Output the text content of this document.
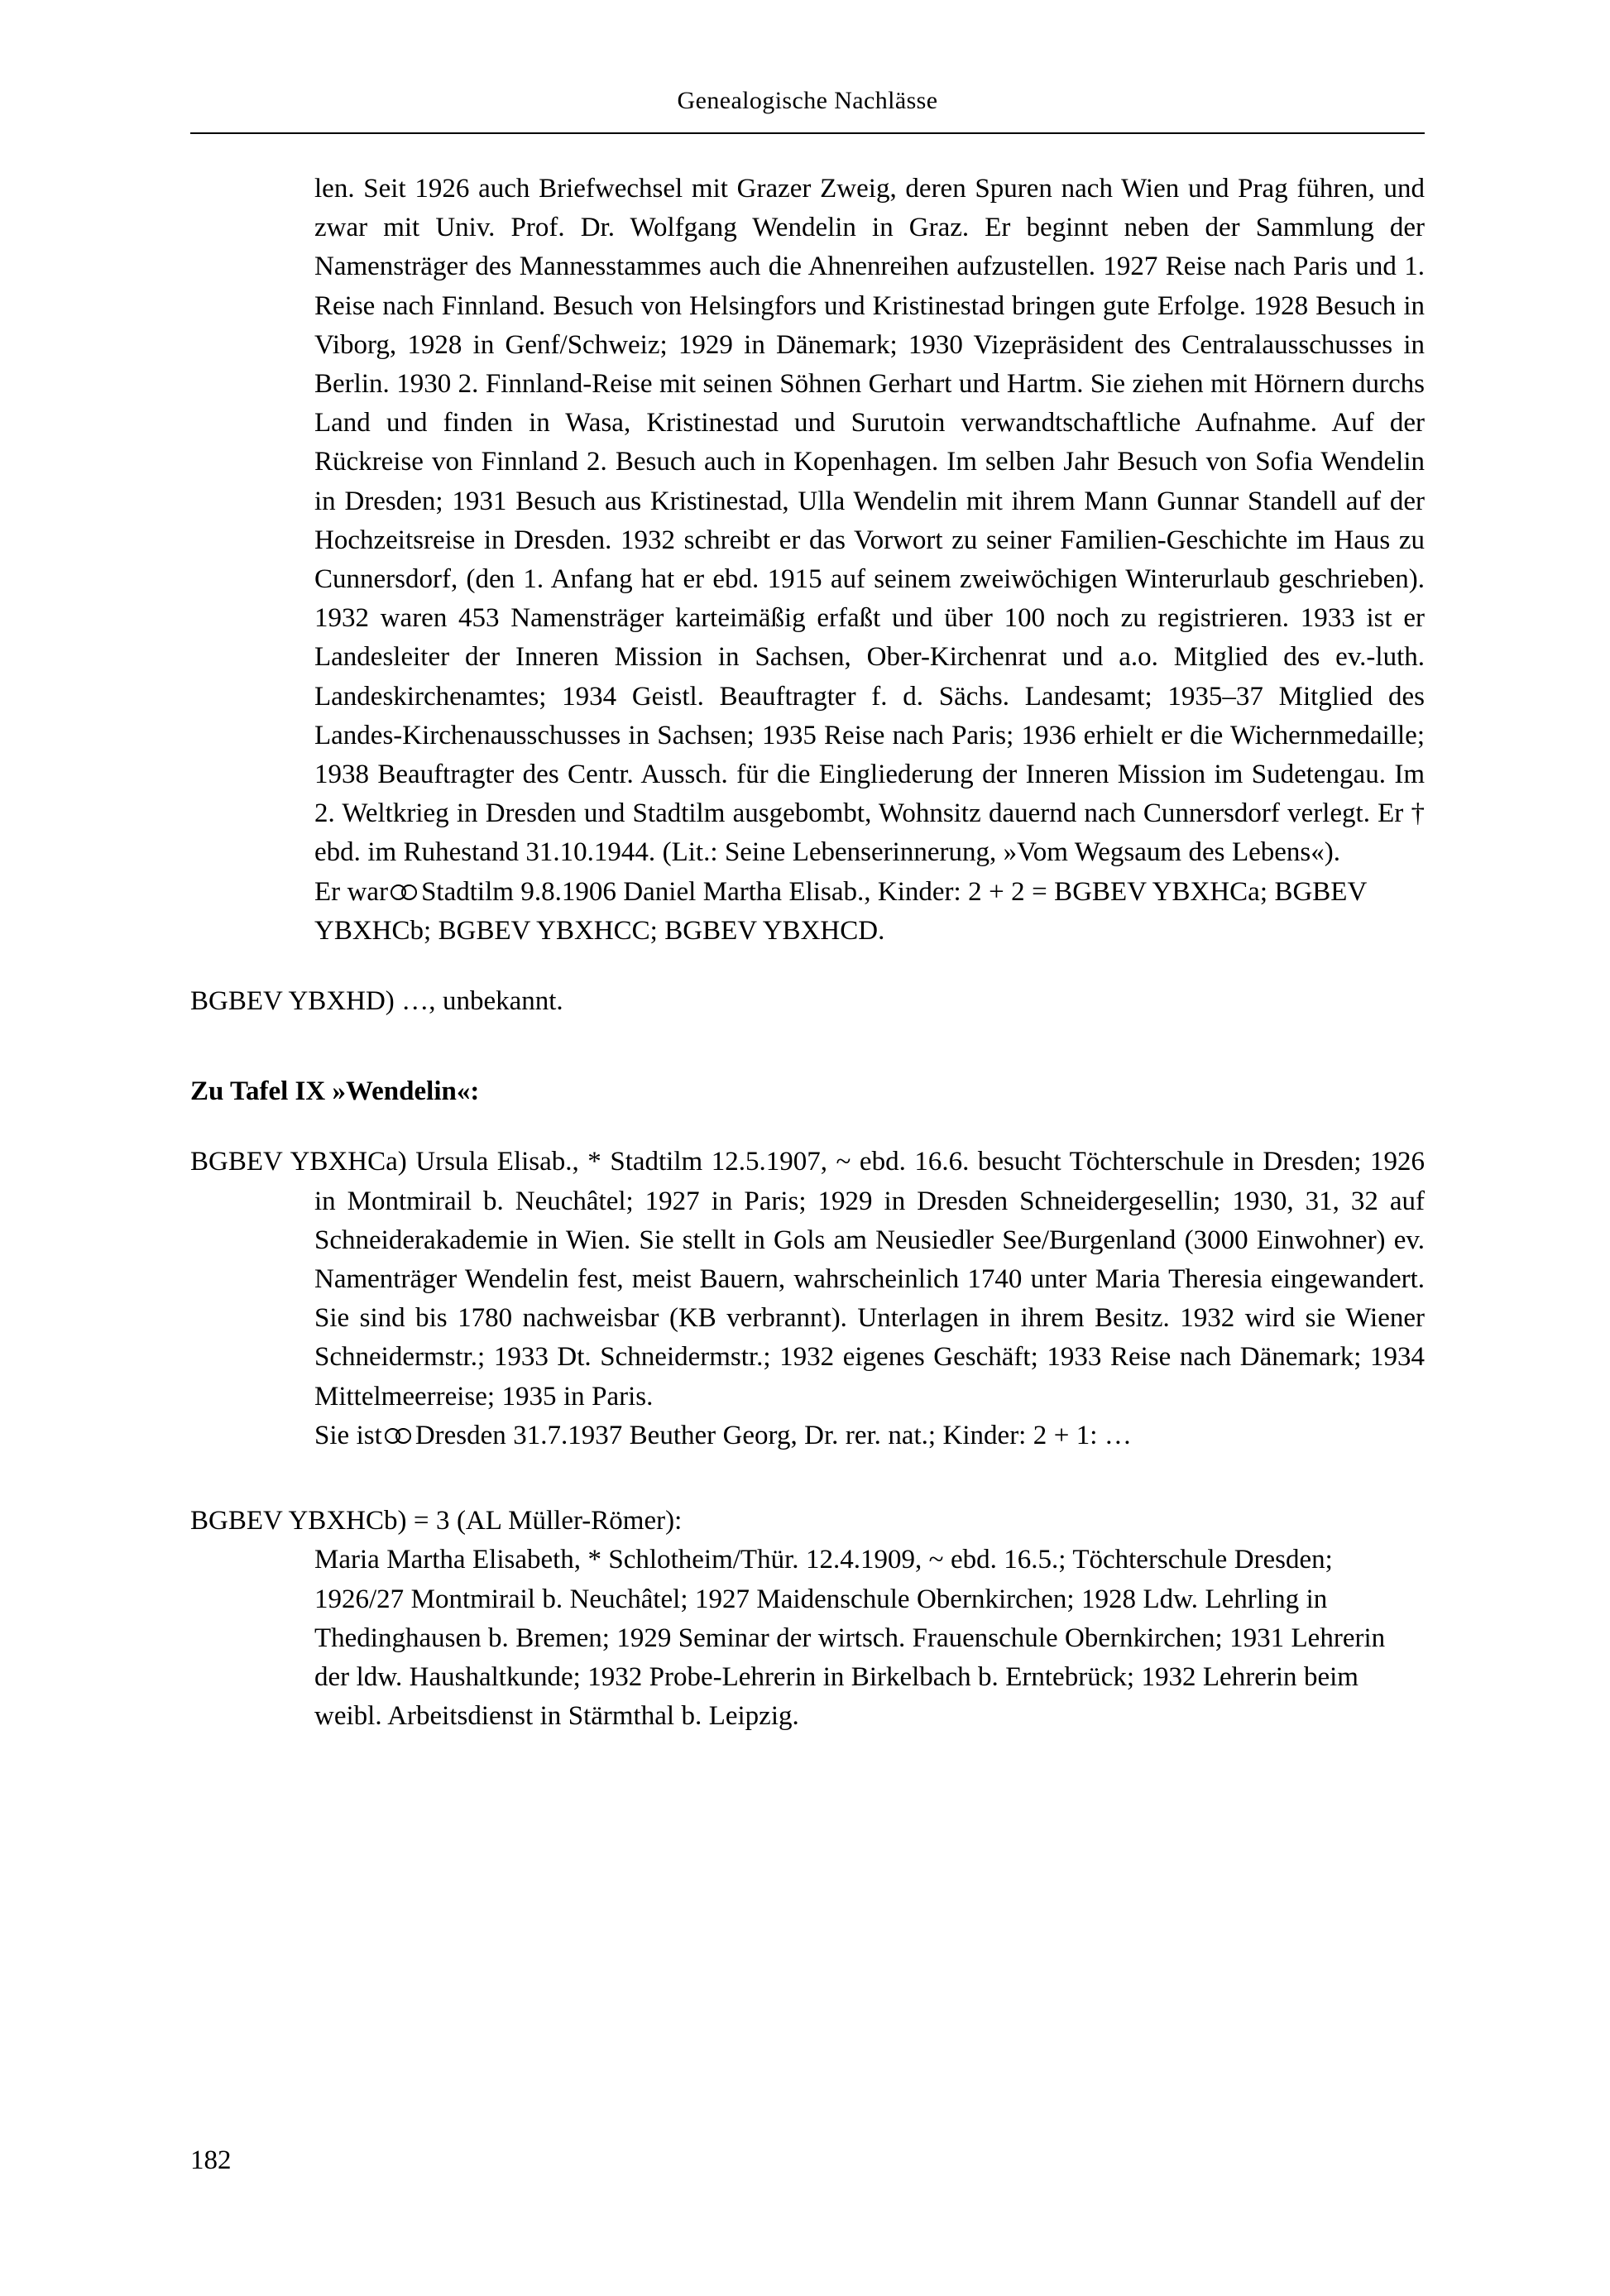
Genealogische Nachlässe

len. Seit 1926 auch Briefwechsel mit Grazer Zweig, deren Spuren nach Wien und Prag führen, und zwar mit Univ. Prof. Dr. Wolfgang Wendelin in Graz. Er beginnt neben der Sammlung der Namensträger des Mannesstammes auch die Ahnenreihen aufzustellen. 1927 Reise nach Paris und 1. Reise nach Finnland. Besuch von Helsingfors und Kristinestad bringen gute Erfolge. 1928 Besuch in Viborg, 1928 in Genf/Schweiz; 1929 in Dänemark; 1930 Vizepräsident des Centralausschusses in Berlin. 1930 2. Finnland-Reise mit seinen Söhnen Gerhart und Hartm. Sie ziehen mit Hörnern durchs Land und finden in Wasa, Kristinestad und Surutoin verwandtschaftliche Aufnahme. Auf der Rückreise von Finnland 2. Besuch auch in Kopenhagen. Im selben Jahr Besuch von Sofia Wendelin in Dresden; 1931 Besuch aus Kristinestad, Ulla Wendelin mit ihrem Mann Gunnar Standell auf der Hochzeitsreise in Dresden. 1932 schreibt er das Vorwort zu seiner Familien-Geschichte im Haus zu Cunnersdorf, (den 1. Anfang hat er ebd. 1915 auf seinem zweiwöchigen Winterurlaub geschrieben). 1932 waren 453 Namensträger karteimäßig erfaßt und über 100 noch zu registrieren. 1933 ist er Landesleiter der Inneren Mission in Sachsen, Ober-Kirchenrat und a.o. Mitglied des ev.-luth. Landeskirchenamtes; 1934 Geistl. Beauftragter f. d. Sächs. Landesamt; 1935–37 Mitglied des Landes-Kirchenausschusses in Sachsen; 1935 Reise nach Paris; 1936 erhielt er die Wichernmedaille; 1938 Beauftragter des Centr. Aussch. für die Eingliederung der Inneren Mission im Sudetengau. Im 2. Weltkrieg in Dresden und Stadtilm ausgebombt, Wohnsitz dauernd nach Cunnersdorf verlegt. Er † ebd. im Ruhestand 31.10.1944. (Lit.: Seine Lebenserinnerung, »Vom Wegsaum des Lebens«).

Er war Stadtilm 9.8.1906 Daniel Martha Elisab., Kinder: 2 + 2 = BGBEV YBXHCa; BGBEV YBXHCb; BGBEV YBXHCC; BGBEV YBXHCD.

BGBEV YBXHD) …, unbekannt.

Zu Tafel IX »Wendelin«:

BGBEV YBXHCa) Ursula Elisab., * Stadtilm 12.5.1907, ~ ebd. 16.6. besucht Töchterschule in Dresden; 1926 in Montmirail b. Neuchâtel; 1927 in Paris; 1929 in Dresden Schneidergesellin; 1930, 31, 32 auf Schneiderakademie in Wien. Sie stellt in Gols am Neusiedler See/Burgenland (3000 Einwohner) ev. Namenträger Wendelin fest, meist Bauern, wahrscheinlich 1740 unter Maria Theresia eingewandert. Sie sind bis 1780 nachweisbar (KB verbrannt). Unterlagen in ihrem Besitz. 1932 wird sie Wiener Schneidermstr.; 1933 Dt. Schneidermstr.; 1932 eigenes Geschäft; 1933 Reise nach Dänemark; 1934 Mittelmeerreise; 1935 in Paris.

Sie ist Dresden 31.7.1937 Beuther Georg, Dr. rer. nat.; Kinder: 2 + 1: …

BGBEV YBXHCb) = 3 (AL Müller-Römer):

Maria Martha Elisabeth, * Schlotheim/Thür. 12.4.1909, ~ ebd. 16.5.; Töchterschule Dresden; 1926/27 Montmirail b. Neuchâtel; 1927 Maidenschule Obernkirchen; 1928 Ldw. Lehrling in Thedinghausen b. Bremen; 1929 Seminar der wirtsch. Frauenschule Obernkirchen; 1931 Lehrerin der ldw. Haushaltkunde; 1932 Probe-Lehrerin in Birkelbach b. Erntebrück; 1932 Lehrerin beim weibl. Arbeitsdienst in Stärmthal b. Leipzig.

182
